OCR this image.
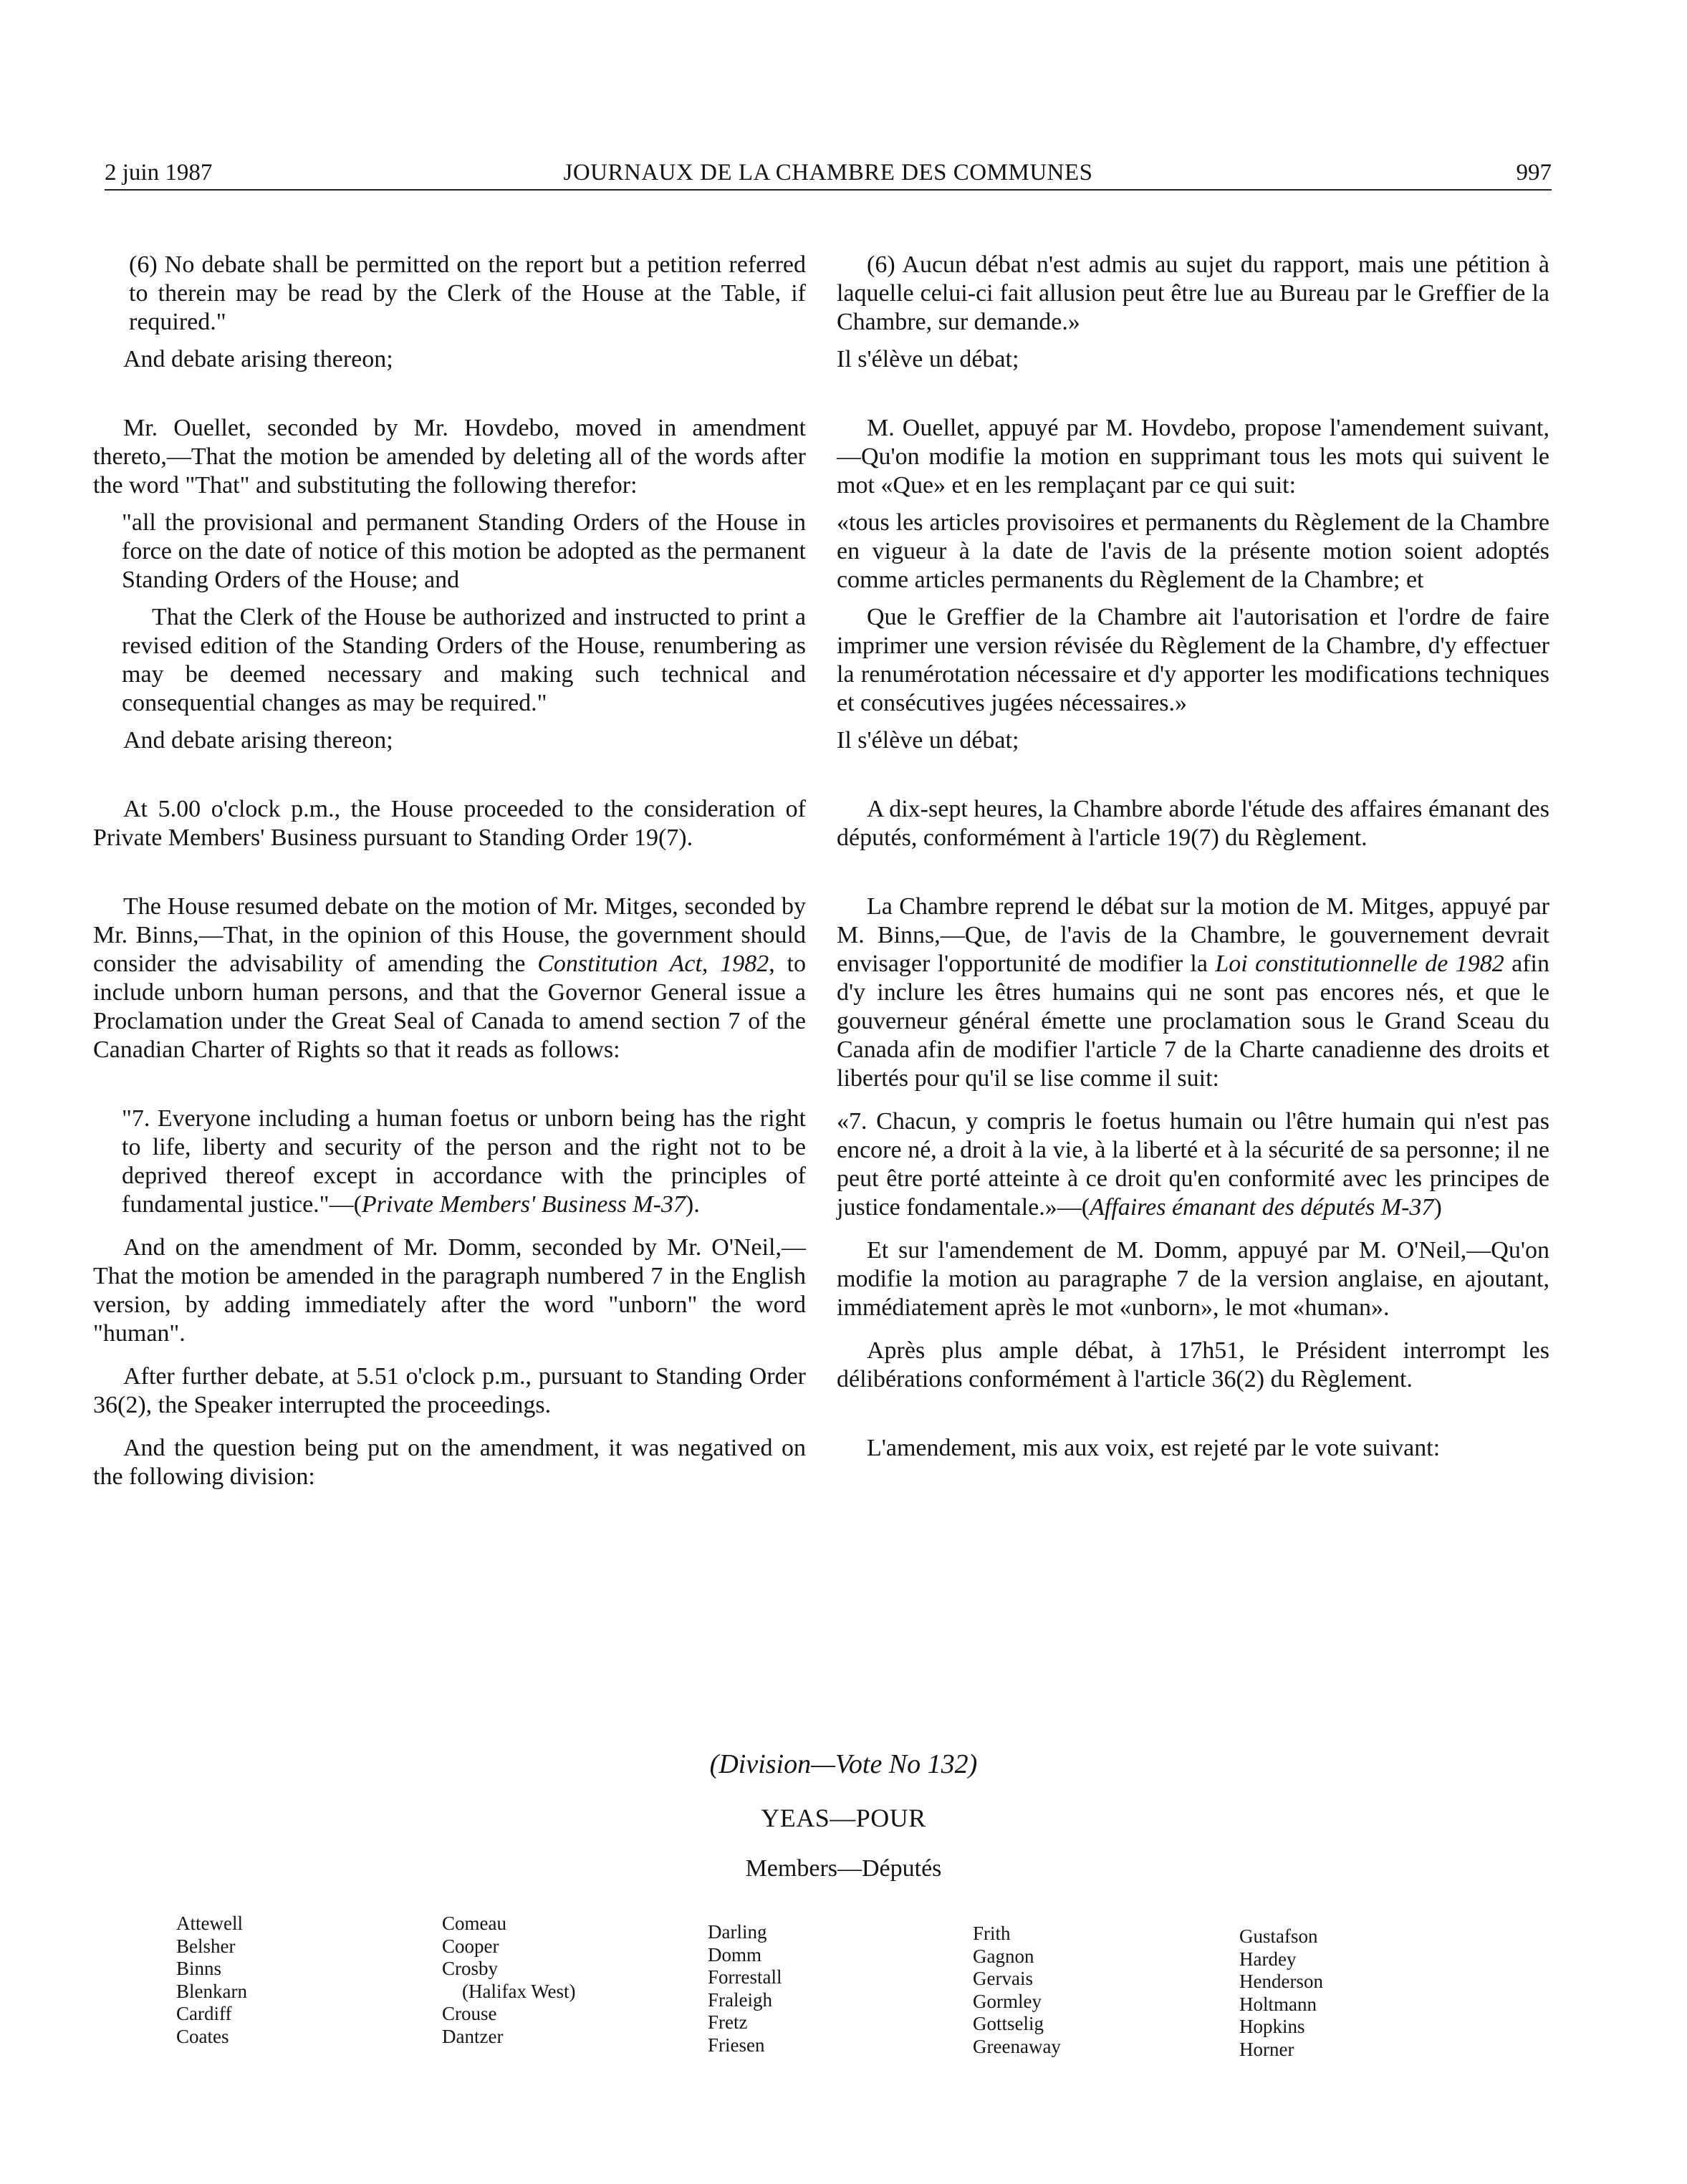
2 juin 1987	JOURNAUX DE LA CHAMBRE DES COMMUNES	997

(6) No debate shall be permitted on the report but a petition referred to therein may be read by the Clerk of the House at the Table, if required."

And debate arising thereon;

Mr. Ouellet, seconded by Mr. Hovdebo, moved in amendment thereto,—That the motion be amended by deleting all of the words after the word "That" and substituting the following therefor:

"all the provisional and permanent Standing Orders of the House in force on the date of notice of this motion be adopted as the permanent Standing Orders of the House; and

That the Clerk of the House be authorized and instructed to print a revised edition of the Standing Orders of the House, renumbering as may be deemed necessary and making such technical and consequential changes as may be required."

And debate arising thereon;

At 5.00 o'clock p.m., the House proceeded to the consideration of Private Members' Business pursuant to Standing Order 19(7).

The House resumed debate on the motion of Mr. Mitges, seconded by Mr. Binns,—That, in the opinion of this House, the government should consider the advisability of amending the Constitution Act, 1982, to include unborn human persons, and that the Governor General issue a Proclamation under the Great Seal of Canada to amend section 7 of the Canadian Charter of Rights so that it reads as follows:

"7. Everyone including a human foetus or unborn being has the right to life, liberty and security of the person and the right not to be deprived thereof except in accordance with the principles of fundamental justice."—(Private Members' Business M-37).

And on the amendment of Mr. Domm, seconded by Mr. O'Neil,—That the motion be amended in the paragraph numbered 7 in the English version, by adding immediately after the word "unborn" the word "human".

After further debate, at 5.51 o'clock p.m., pursuant to Standing Order 36(2), the Speaker interrupted the proceedings.

And the question being put on the amendment, it was negatived on the following division:

(6) Aucun débat n'est admis au sujet du rapport, mais une pétition à laquelle celui-ci fait allusion peut être lue au Bureau par le Greffier de la Chambre, sur demande.»

Il s'élève un débat;

M. Ouellet, appuyé par M. Hovdebo, propose l'amendement suivant,—Qu'on modifie la motion en supprimant tous les mots qui suivent le mot «Que» et en les remplaçant par ce qui suit:

«tous les articles provisoires et permanents du Règlement de la Chambre en vigueur à la date de l'avis de la présente motion soient adoptés comme articles permanents du Règlement de la Chambre; et

Que le Greffier de la Chambre ait l'autorisation et l'ordre de faire imprimer une version révisée du Règlement de la Chambre, d'y effectuer la renumérotation nécessaire et d'y apporter les modifications techniques et consécutives jugées nécessaires.»

Il s'élève un débat;

A dix-sept heures, la Chambre aborde l'étude des affaires émanant des députés, conformément à l'article 19(7) du Règlement.

La Chambre reprend le débat sur la motion de M. Mitges, appuyé par M. Binns,—Que, de l'avis de la Chambre, le gouvernement devrait envisager l'opportunité de modifier la Loi constitutionnelle de 1982 afin d'y inclure les êtres humains qui ne sont pas encores nés, et que le gouverneur général émette une proclamation sous le Grand Sceau du Canada afin de modifier l'article 7 de la Charte canadienne des droits et libertés pour qu'il se lise comme il suit:

«7. Chacun, y compris le foetus humain ou l'être humain qui n'est pas encore né, a droit à la vie, à la liberté et à la sécurité de sa personne; il ne peut être porté atteinte à ce droit qu'en conformité avec les principes de justice fondamentale.»—(Affaires émanant des députés M-37)

Et sur l'amendement de M. Domm, appuyé par M. O'Neil,—Qu'on modifie la motion au paragraphe 7 de la version anglaise, en ajoutant, immédiatement après le mot «unborn», le mot «human».

Après plus ample débat, à 17h51, le Président interrompt les délibérations conformément à l'article 36(2) du Règlement.

L'amendement, mis aux voix, est rejeté par le vote suivant:

(Division—Vote No 132)
YEAS—POUR
Members—Députés
Attewell
Belsher
Binns
Blenkarn
Cardiff
Coates
Comeau
Cooper
Crosby
(Halifax West)
Crouse
Dantzer
Darling
Domm
Forrestall
Fraleigh
Fretz
Friesen
Frith
Gagnon
Gervais
Gormley
Gottselig
Greenaway
Gustafson
Hardey
Henderson
Holtmann
Hopkins
Horner
